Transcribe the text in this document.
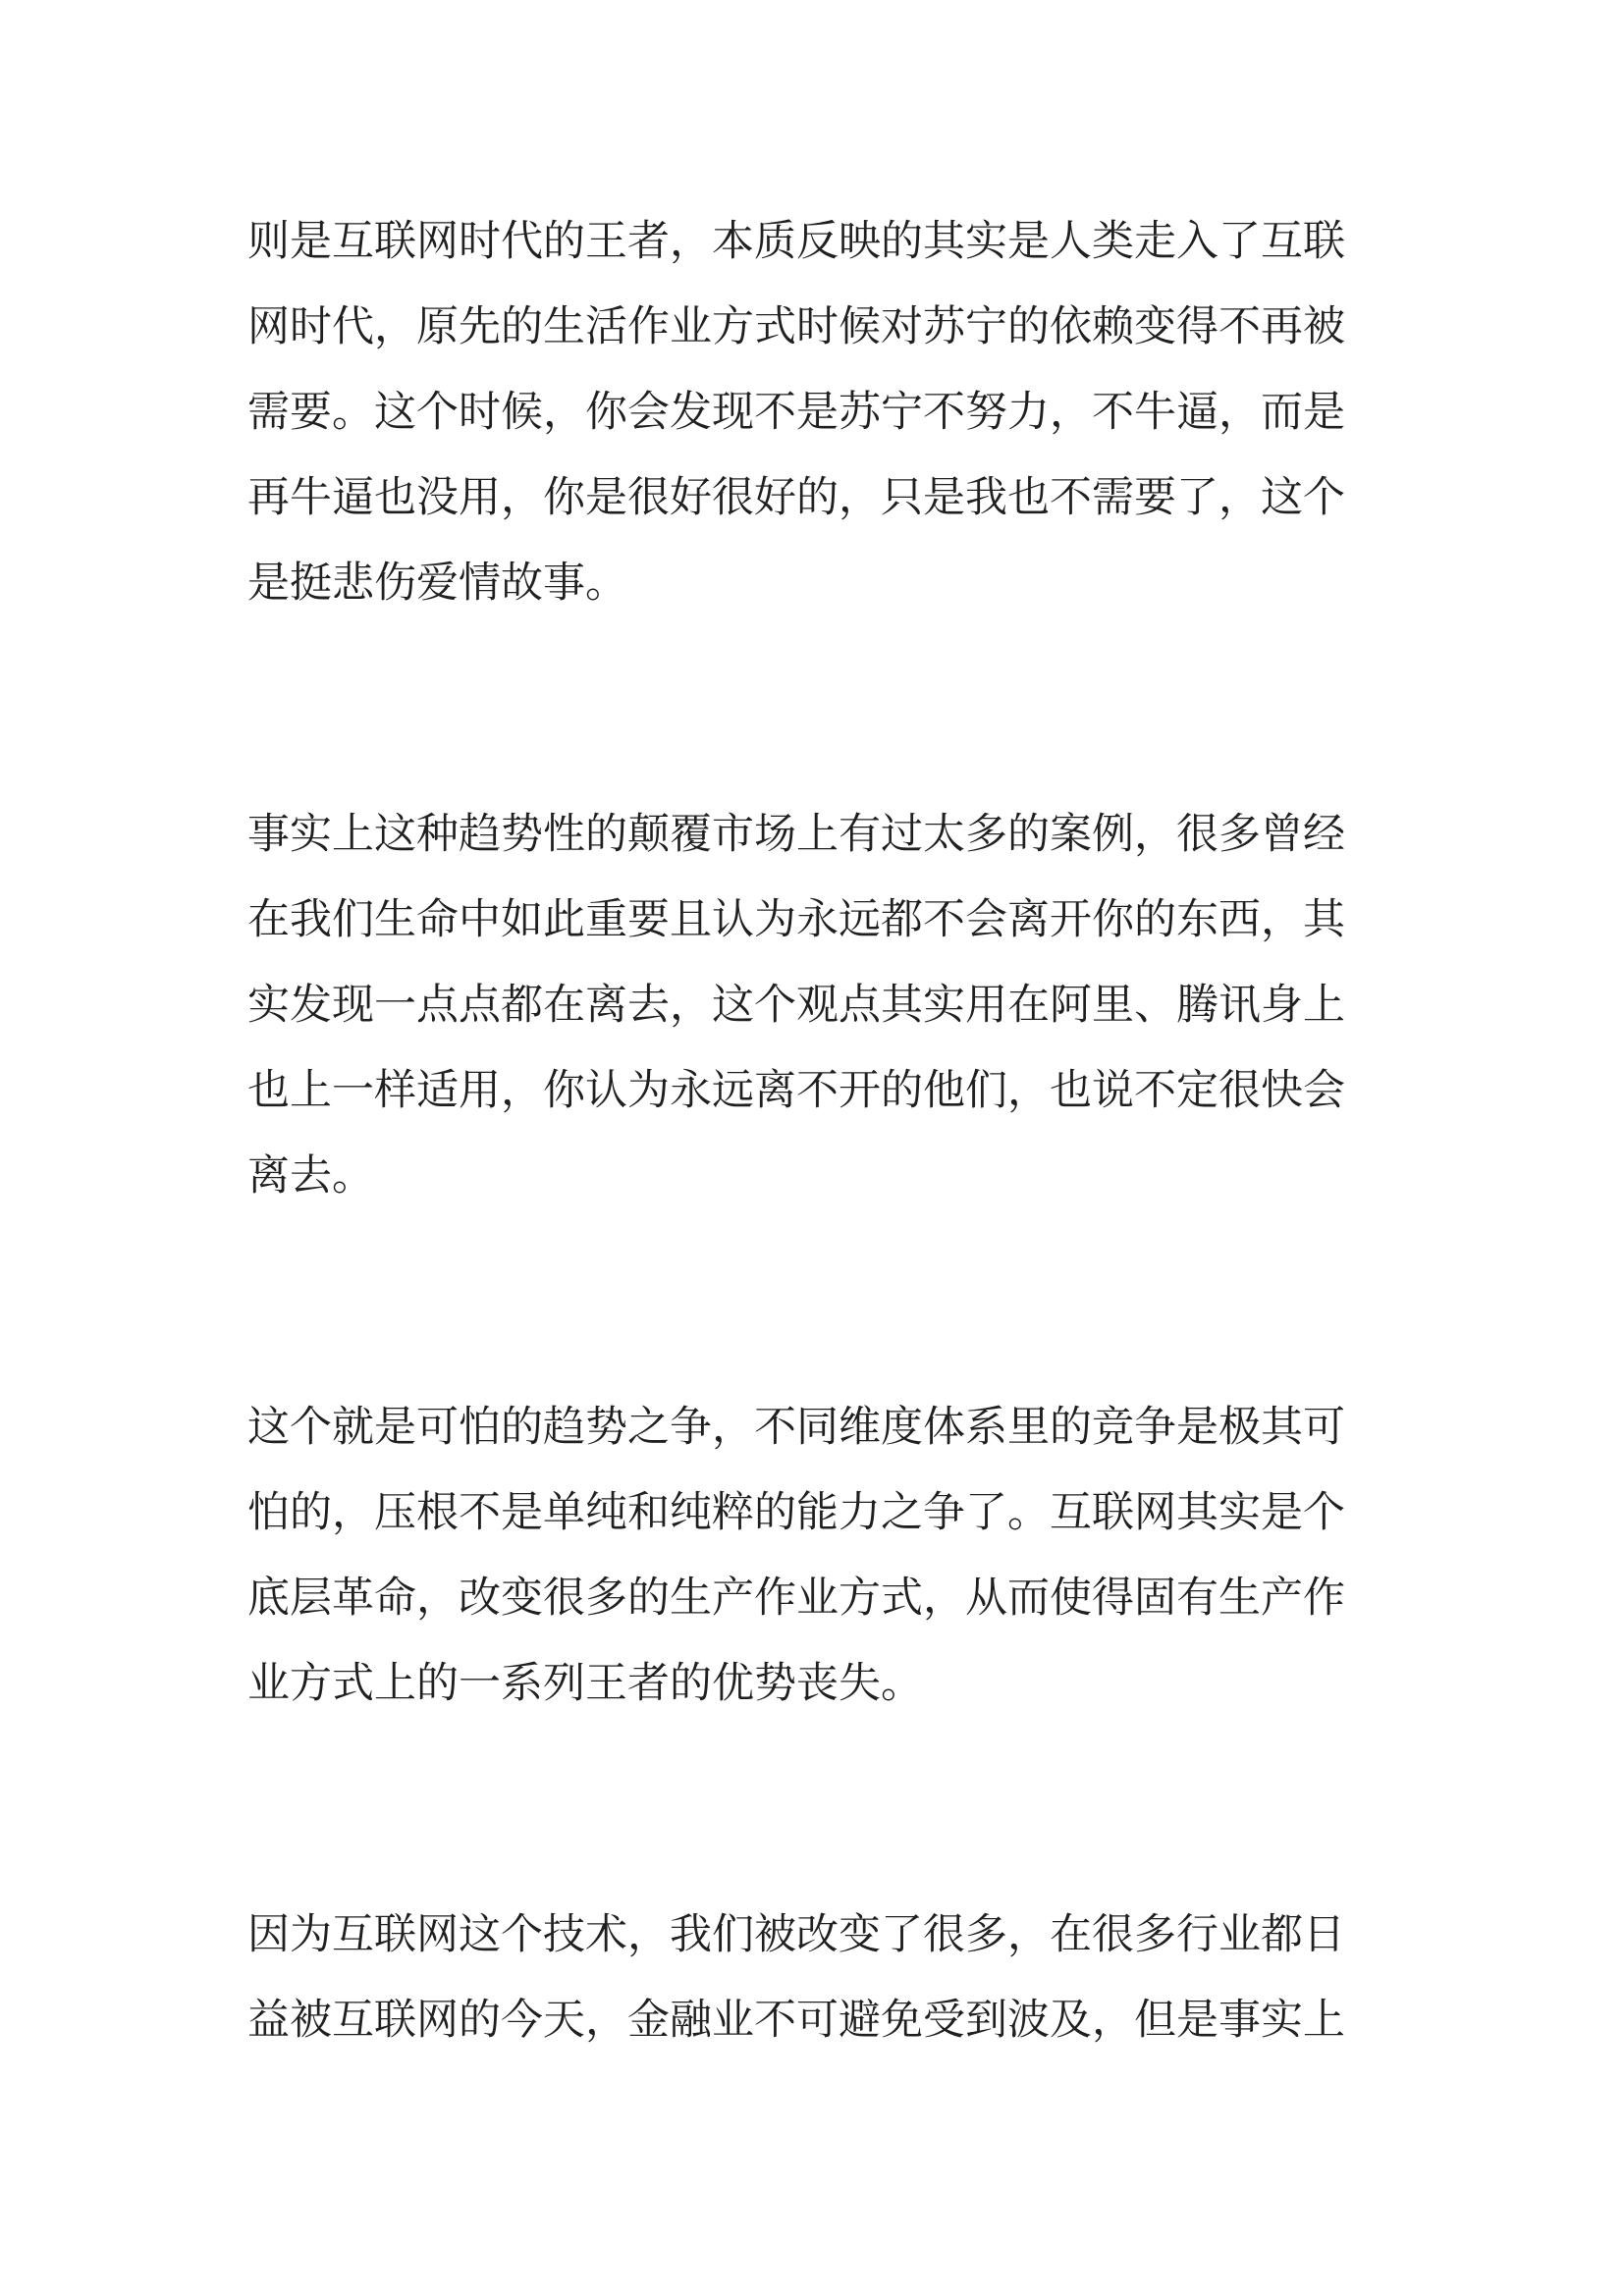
则是互联网时代的王者，本质反映的其实是人类走入了互联
网时代，原先的生活作业方式时候对苏宁的依赖变得不再被
需要。这个时候，你会发现不是苏宁不努力，不牛逼，而是
再牛逼也没用，你是很好很好的，只是我也不需要了，这个
是挺悲伤爱情故事。

事实上这种趋势性的颠覆市场上有过太多的案例，很多曾经
在我们生命中如此重要且认为永远都不会离开你的东西，其
实发现一点点都在离去，这个观点其实用在阿里、腾讯身上
也上一样适用，你认为永远离不开的他们，也说不定很快会
离去。

这个就是可怕的趋势之争，不同维度体系里的竞争是极其可
怕的，压根不是单纯和纯粹的能力之争了。互联网其实是个
底层革命，改变很多的生产作业方式，从而使得固有生产作
业方式上的一系列王者的优势丧失。

因为互联网这个技术，我们被改变了很多，在很多行业都日
益被互联网的今天，金融业不可避免受到波及，但是事实上
